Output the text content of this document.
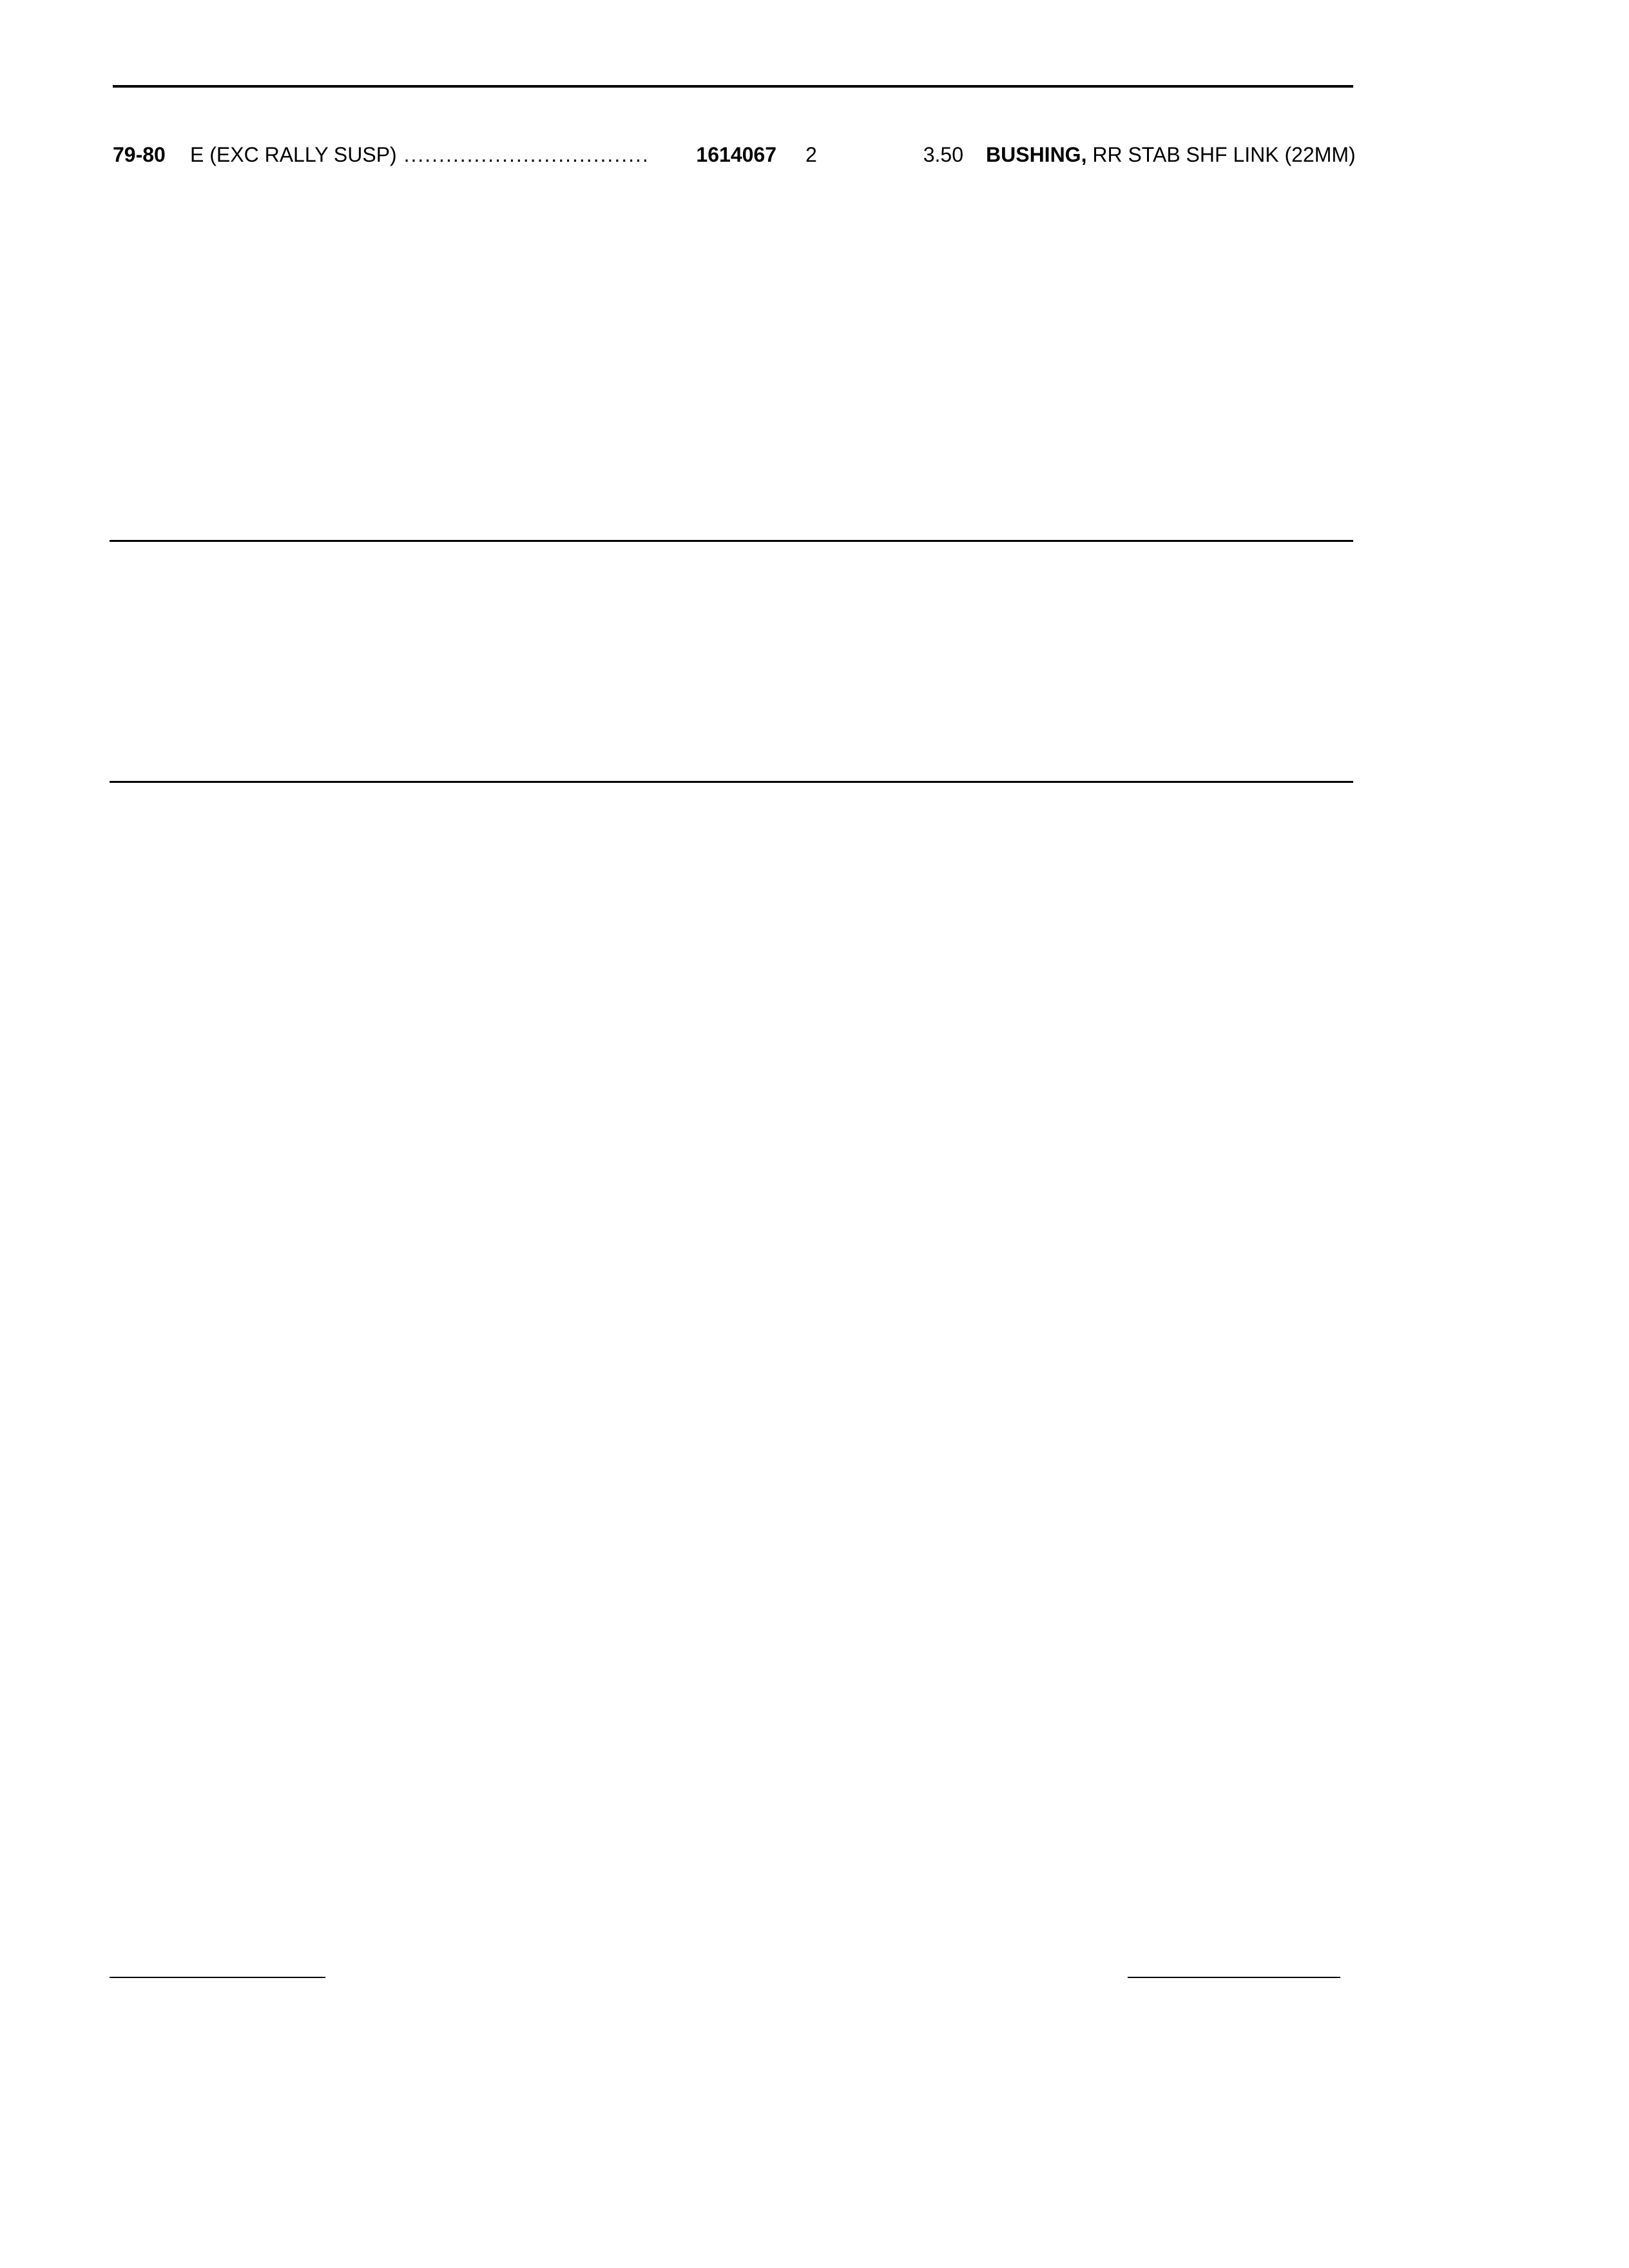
79-80 E (EXC RALLY SUSP) .....	1614067 2	3.50 BUSHING, RR STAB SHF LINK (22MM) .....
